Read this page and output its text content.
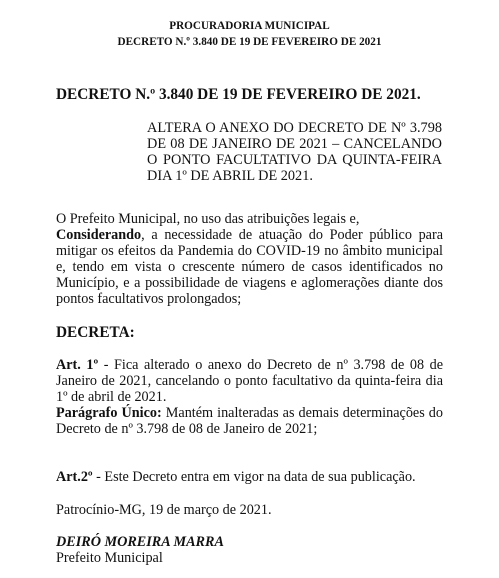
PROCURADORIA MUNICIPAL
DECRETO N.º 3.840 DE 19 DE FEVEREIRO DE 2021
DECRETO N.º 3.840 DE 19 DE FEVEREIRO DE 2021.
ALTERA O ANEXO DO DECRETO DE Nº 3.798 DE 08 DE JANEIRO DE 2021 – CANCELANDO O PONTO FACULTATIVO DA QUINTA-FEIRA DIA 1º DE ABRIL DE 2021.
O Prefeito Municipal, no uso das atribuições legais e,
Considerando, a necessidade de atuação do Poder público para mitigar os efeitos da Pandemia do COVID-19 no âmbito municipal e, tendo em vista o crescente número de casos identificados no Município, e a possibilidade de viagens e aglomerações diante dos pontos facultativos prolongados;
DECRETA:
Art. 1º - Fica alterado o anexo do Decreto de nº 3.798 de 08 de Janeiro de 2021, cancelando o ponto facultativo da quinta-feira dia 1º de abril de 2021.
Parágrafo Único: Mantém inalteradas as demais determinações do Decreto de nº 3.798 de 08 de Janeiro de 2021;
Art.2º - Este Decreto entra em vigor na data de sua publicação.
Patrocínio-MG, 19 de março de 2021.
DEIRÓ MOREIRA MARRA
Prefeito Municipal
